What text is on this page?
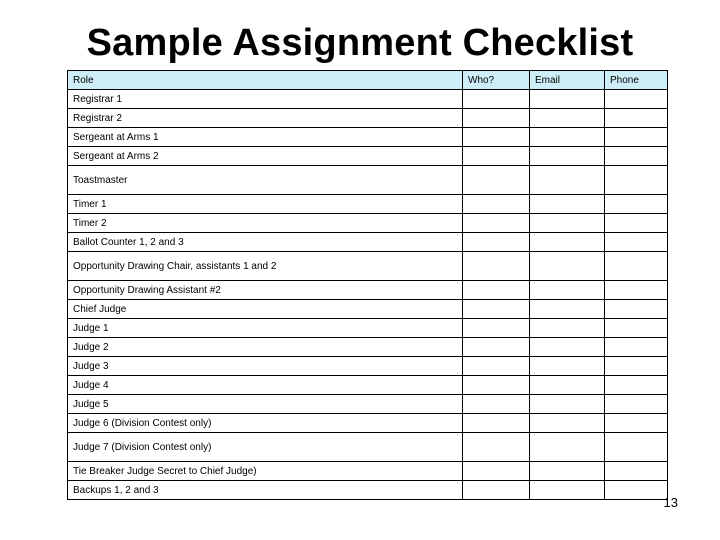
Sample Assignment Checklist
Role	Who?	Email	Phone
Registrar 1			
Registrar 2			
Sergeant at Arms 1			
Sergeant at Arms 2			
Toastmaster			
Timer 1			
Timer 2			
Ballot Counter 1, 2 and 3			
Opportunity Drawing Chair, assistants 1 and 2			
Opportunity Drawing Assistant #2			
Chief Judge			
Judge 1			
Judge 2			
Judge 3			
Judge 4			
Judge 5			
Judge 6 (Division Contest only)			
Judge 7 (Division Contest only)			
Tie Breaker Judge Secret to Chief Judge)			
Backups 1, 2 and 3			
13
